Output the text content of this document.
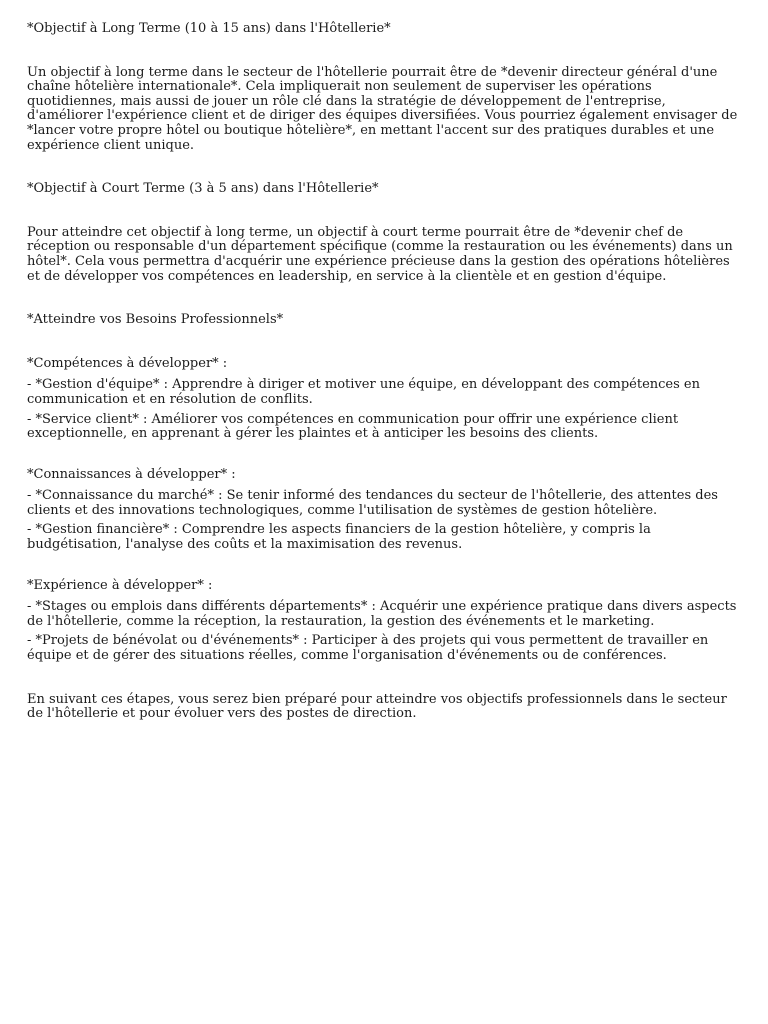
*Objectif à Long Terme (10 à 15 ans) dans l'Hôtellerie*

Un objectif à long terme dans le secteur de l'hôtellerie pourrait être de *devenir directeur général d'une chaîne hôtelière internationale*. Cela impliquerait non seulement de superviser les opérations quotidiennes, mais aussi de jouer un rôle clé dans la stratégie de développement de l'entreprise, d'améliorer l'expérience client et de diriger des équipes diversifiées. Vous pourriez également envisager de *lancer votre propre hôtel ou boutique hôtelière*, en mettant l'accent sur des pratiques durables et une expérience client unique.

*Objectif à Court Terme (3 à 5 ans) dans l'Hôtellerie*

Pour atteindre cet objectif à long terme, un objectif à court terme pourrait être de *devenir chef de réception ou responsable d'un département spécifique (comme la restauration ou les événements) dans un hôtel*. Cela vous permettra d'acquérir une expérience précieuse dans la gestion des opérations hôtelières et de développer vos compétences en leadership, en service à la clientèle et en gestion d'équipe.

*Atteindre vos Besoins Professionnels*

*Compétences à développer* :

- *Gestion d'équipe* : Apprendre à diriger et motiver une équipe, en développant des compétences en communication et en résolution de conflits.

- *Service client* : Améliorer vos compétences en communication pour offrir une expérience client exceptionnelle, en apprenant à gérer les plaintes et à anticiper les besoins des clients.

*Connaissances à développer* :

- *Connaissance du marché* : Se tenir informé des tendances du secteur de l'hôtellerie, des attentes des clients et des innovations technologiques, comme l'utilisation de systèmes de gestion hôtelière.

- *Gestion financière* : Comprendre les aspects financiers de la gestion hôtelière, y compris la budgétisation, l'analyse des coûts et la maximisation des revenus.

*Expérience à développer* :

- *Stages ou emplois dans différents départements* : Acquérir une expérience pratique dans divers aspects de l'hôtellerie, comme la réception, la restauration, la gestion des événements et le marketing.

- *Projets de bénévolat ou d'événements* : Participer à des projets qui vous permettent de travailler en équipe et de gérer des situations réelles, comme l'organisation d'événements ou de conférences.

En suivant ces étapes, vous serez bien préparé pour atteindre vos objectifs professionnels dans le secteur de l'hôtellerie et pour évoluer vers des postes de direction.
